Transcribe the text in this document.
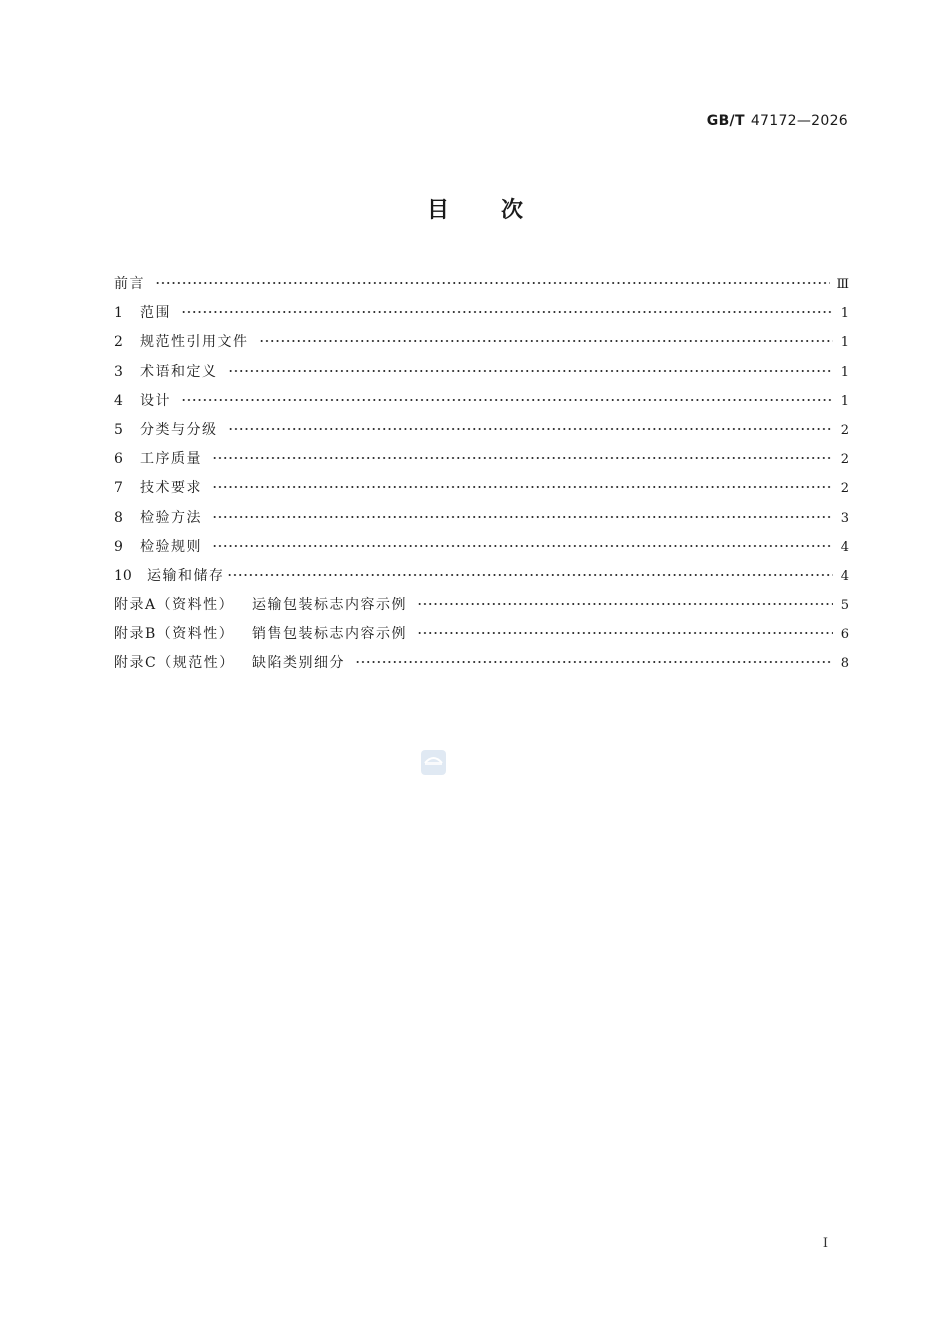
GB/T 47172—2026
目次
前言	Ⅲ
1	范围	1
2	规范性引用文件	1
3	术语和定义	1
4	设计	1
5	分类与分级	2
6	工序质量	2
7	技术要求	2
8	检验方法	3
9	检验规则	4
10	运输和储存	4
附录A（资料性）	运输包装标志内容示例	5
附录B（资料性）	销售包装标志内容示例	6
附录C（规范性）	缺陷类别细分	8
I
